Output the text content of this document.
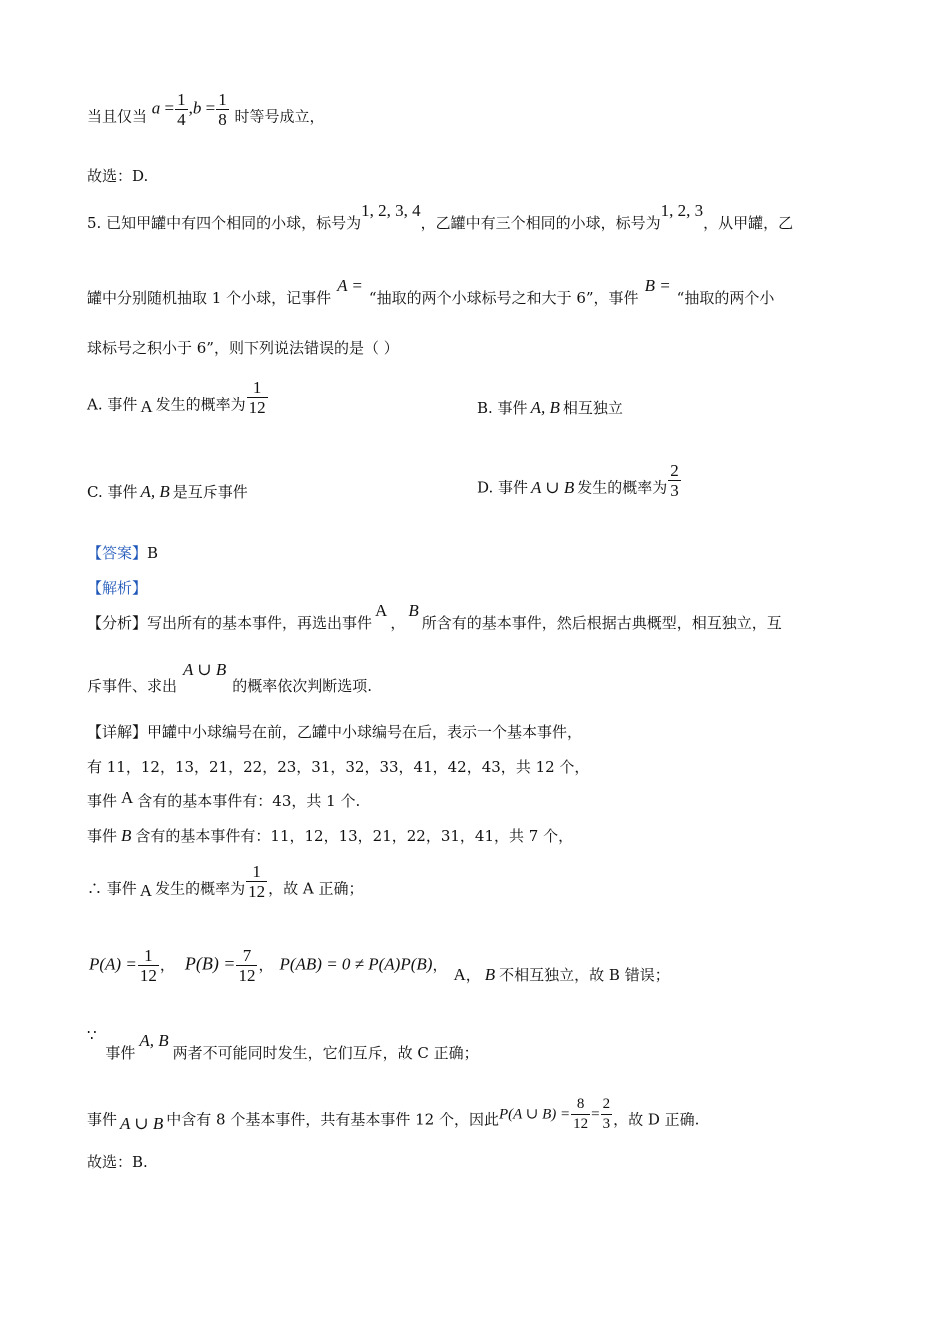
当且仅当 $a = \frac{1}{4} ,b = \frac{1}{8}$ 时等号成立，
故选：D.
5. 已知甲罐中有四个相同的小球，标号为1, 2, 3, 4，乙罐中有三个相同的小球，标号为1, 2, 3，从甲罐，乙
罐中分别随机抽取 1 个小球，记事件A =“抽取的两个小球标号之和大于 6”，事件B =“抽取的两个小
球标号之积小于 6”，则下列说法错误的是（ ）
A. 事件 A 发生的概率为 $\frac{1}{12}$	B. 事件 A, B 相互独立
C. 事件 A, B 是互斥事件	D. 事件 A ∪ B 发生的概率为 $\frac{2}{3}$
【答案】B
【解析】
【分析】写出所有的基本事件，再选出事件A，B所含有的基本事件，然后根据古典概型，相互独立，互
斥事件、求出A ∪ B的概率依次判断选项.
【详解】甲罐中小球编号在前，乙罐中小球编号在后，表示一个基本事件，
有 11，12，13，21，22，23，31，32，33，41，42，43，共 12 个，
事件 A 含有的基本事件有：43，共 1 个.
事件 B 含有的基本事件有：11，12，13，21，22，31，41，共 7 个，
∴ 事件 A 发生的概率为 $\frac{1}{12}$ ，故 A 正确；
$P(A) = \frac{1}{12}$ ， $P(B) = \frac{7}{12}$ ， P(AB) = 0 ≠ P(A)P(B)， A， B 不相互独立，故 B 错误；
∵ 事件A, B两者不可能同时发生，它们互斥，故 C 正确；
事件 A ∪ B 中含有 8 个基本事件，共有基本事件 12 个，因此P(A ∪ $B) = \frac{8}{12} = \frac{2}{3}$ ，故 D 正确.
故选：B.
